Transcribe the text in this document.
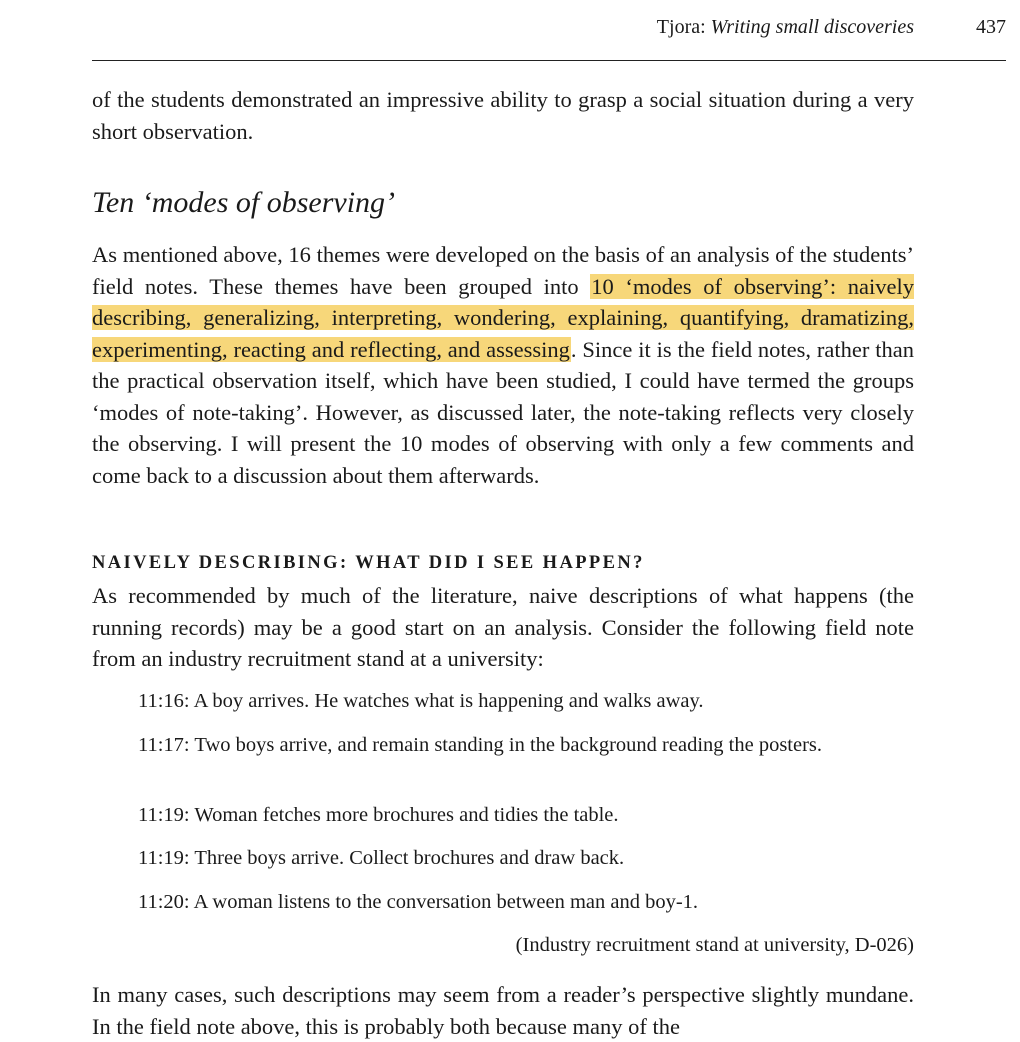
Tjora: Writing small discoveries	437

of the students demonstrated an impressive ability to grasp a social situation during a very short observation.

Ten ‘modes of observing’

As mentioned above, 16 themes were developed on the basis of an analysis of the students’ field notes. These themes have been grouped into 10 ‘modes of observing’: naively describing, generalizing, interpreting, wondering, explaining, quantifying, dramatizing, experimenting, reacting and reflecting, and assessing. Since it is the field notes, rather than the practical observation itself, which have been studied, I could have termed the groups ‘modes of note-taking’. However, as discussed later, the note-taking reflects very closely the observing. I will present the 10 modes of observing with only a few comments and come back to a discussion about them afterwards.

NAIVELY DESCRIBING: WHAT DID I SEE HAPPEN?

As recommended by much of the literature, naive descriptions of what happens (the running records) may be a good start on an analysis. Consider the following field note from an industry recruitment stand at a university:

11:16: A boy arrives. He watches what is happening and walks away.

11:17: Two boys arrive, and remain standing in the background reading the posters.

11:19: Woman fetches more brochures and tidies the table.

11:19: Three boys arrive. Collect brochures and draw back.

11:20: A woman listens to the conversation between man and boy-1.

(Industry recruitment stand at university, D-026)

In many cases, such descriptions may seem from a reader’s perspective slightly mundane. In the field note above, this is probably both because many of the
